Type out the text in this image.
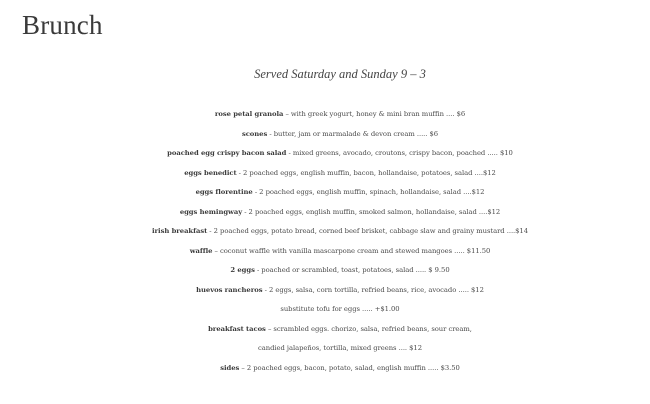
Brunch
Served Saturday and Sunday 9 – 3
rose petal granola – with greek yogurt, honey & mini bran muffin .... $6
scones - butter, jam or marmalade & devon cream ..... $6
poached egg crispy bacon salad - mixed greens, avocado, croutons, crispy bacon, poached ..... $10
eggs benedict - 2 poached eggs, english muffin, bacon, hollandaise, potatoes, salad ....$12
eggs florentine - 2 poached eggs, english muffin, spinach, hollandaise, salad ....$12
eggs hemingway - 2 poached eggs, english muffin, smoked salmon, hollandaise, salad ....$12
irish breakfast - 2 poached eggs, potato bread, corned beef brisket, cabbage slaw and grainy mustard ....$14
waffle – coconut waffle with vanilla mascarpone cream and stewed mangoes ..... $11.50
2 eggs - poached or scrambled, toast, potatoes, salad ..... $ 9.50
huevos rancheros - 2 eggs, salsa, corn tortilla, refried beans, rice, avocado ..... $12
substitute tofu for eggs ..... +$1.00
breakfast tacos – scrambled eggs. chorizo, salsa, refried beans, sour cream,
candied jalapeños, tortilla, mixed greens .... $12
sides – 2 poached eggs, bacon, potato, salad, english muffin ..... $3.50
